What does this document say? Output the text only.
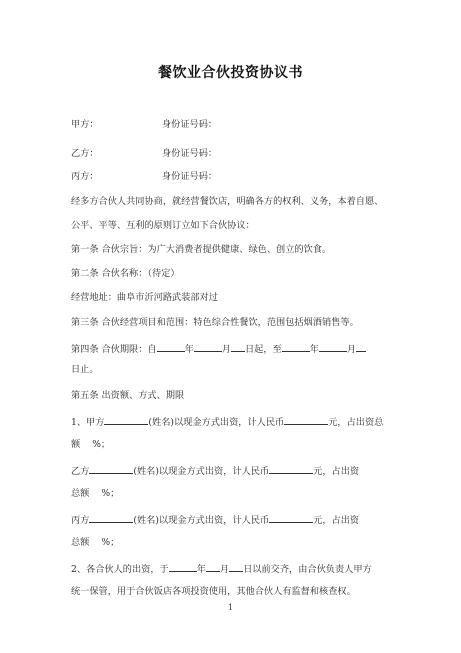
餐饮业合伙投资协议书
甲方：	身份证号码：
乙方：	身份证号码：
丙方：	身份证号码：
经多方合伙人共同协商，就经营餐饮店，明确各方的权利、义务，本着自愿、
公平、平等、互利的原则订立如下合伙协议：
第一条 合伙宗旨：为广大消费者提供健康、绿色、创立的饮食。
第二条 合伙名称：（待定）
经营地址：曲阜市沂河路武装部对过
第三条 合伙经营项目和范围：特色综合性餐饮，范围包括烟酒销售等。
第四条 合伙期限：自	年	月 日起，至	年	月
日止。
第五条 出资额、方式、期限
1、甲方	(姓名)以现金方式出资，计人民币	元，占出资总
额 %；
乙方	(姓名)以现金方式出资，计人民币	元，占出资
总额 %；
丙方	(姓名)以现金方式出资，计人民币	元，占出资
总额 %；
2、各合伙人的出资，于	年 月 日以前交齐，由合伙负责人甲方
统一保管，用于合伙饭店各项投资使用，其他合伙人有监督和核查权。
1
